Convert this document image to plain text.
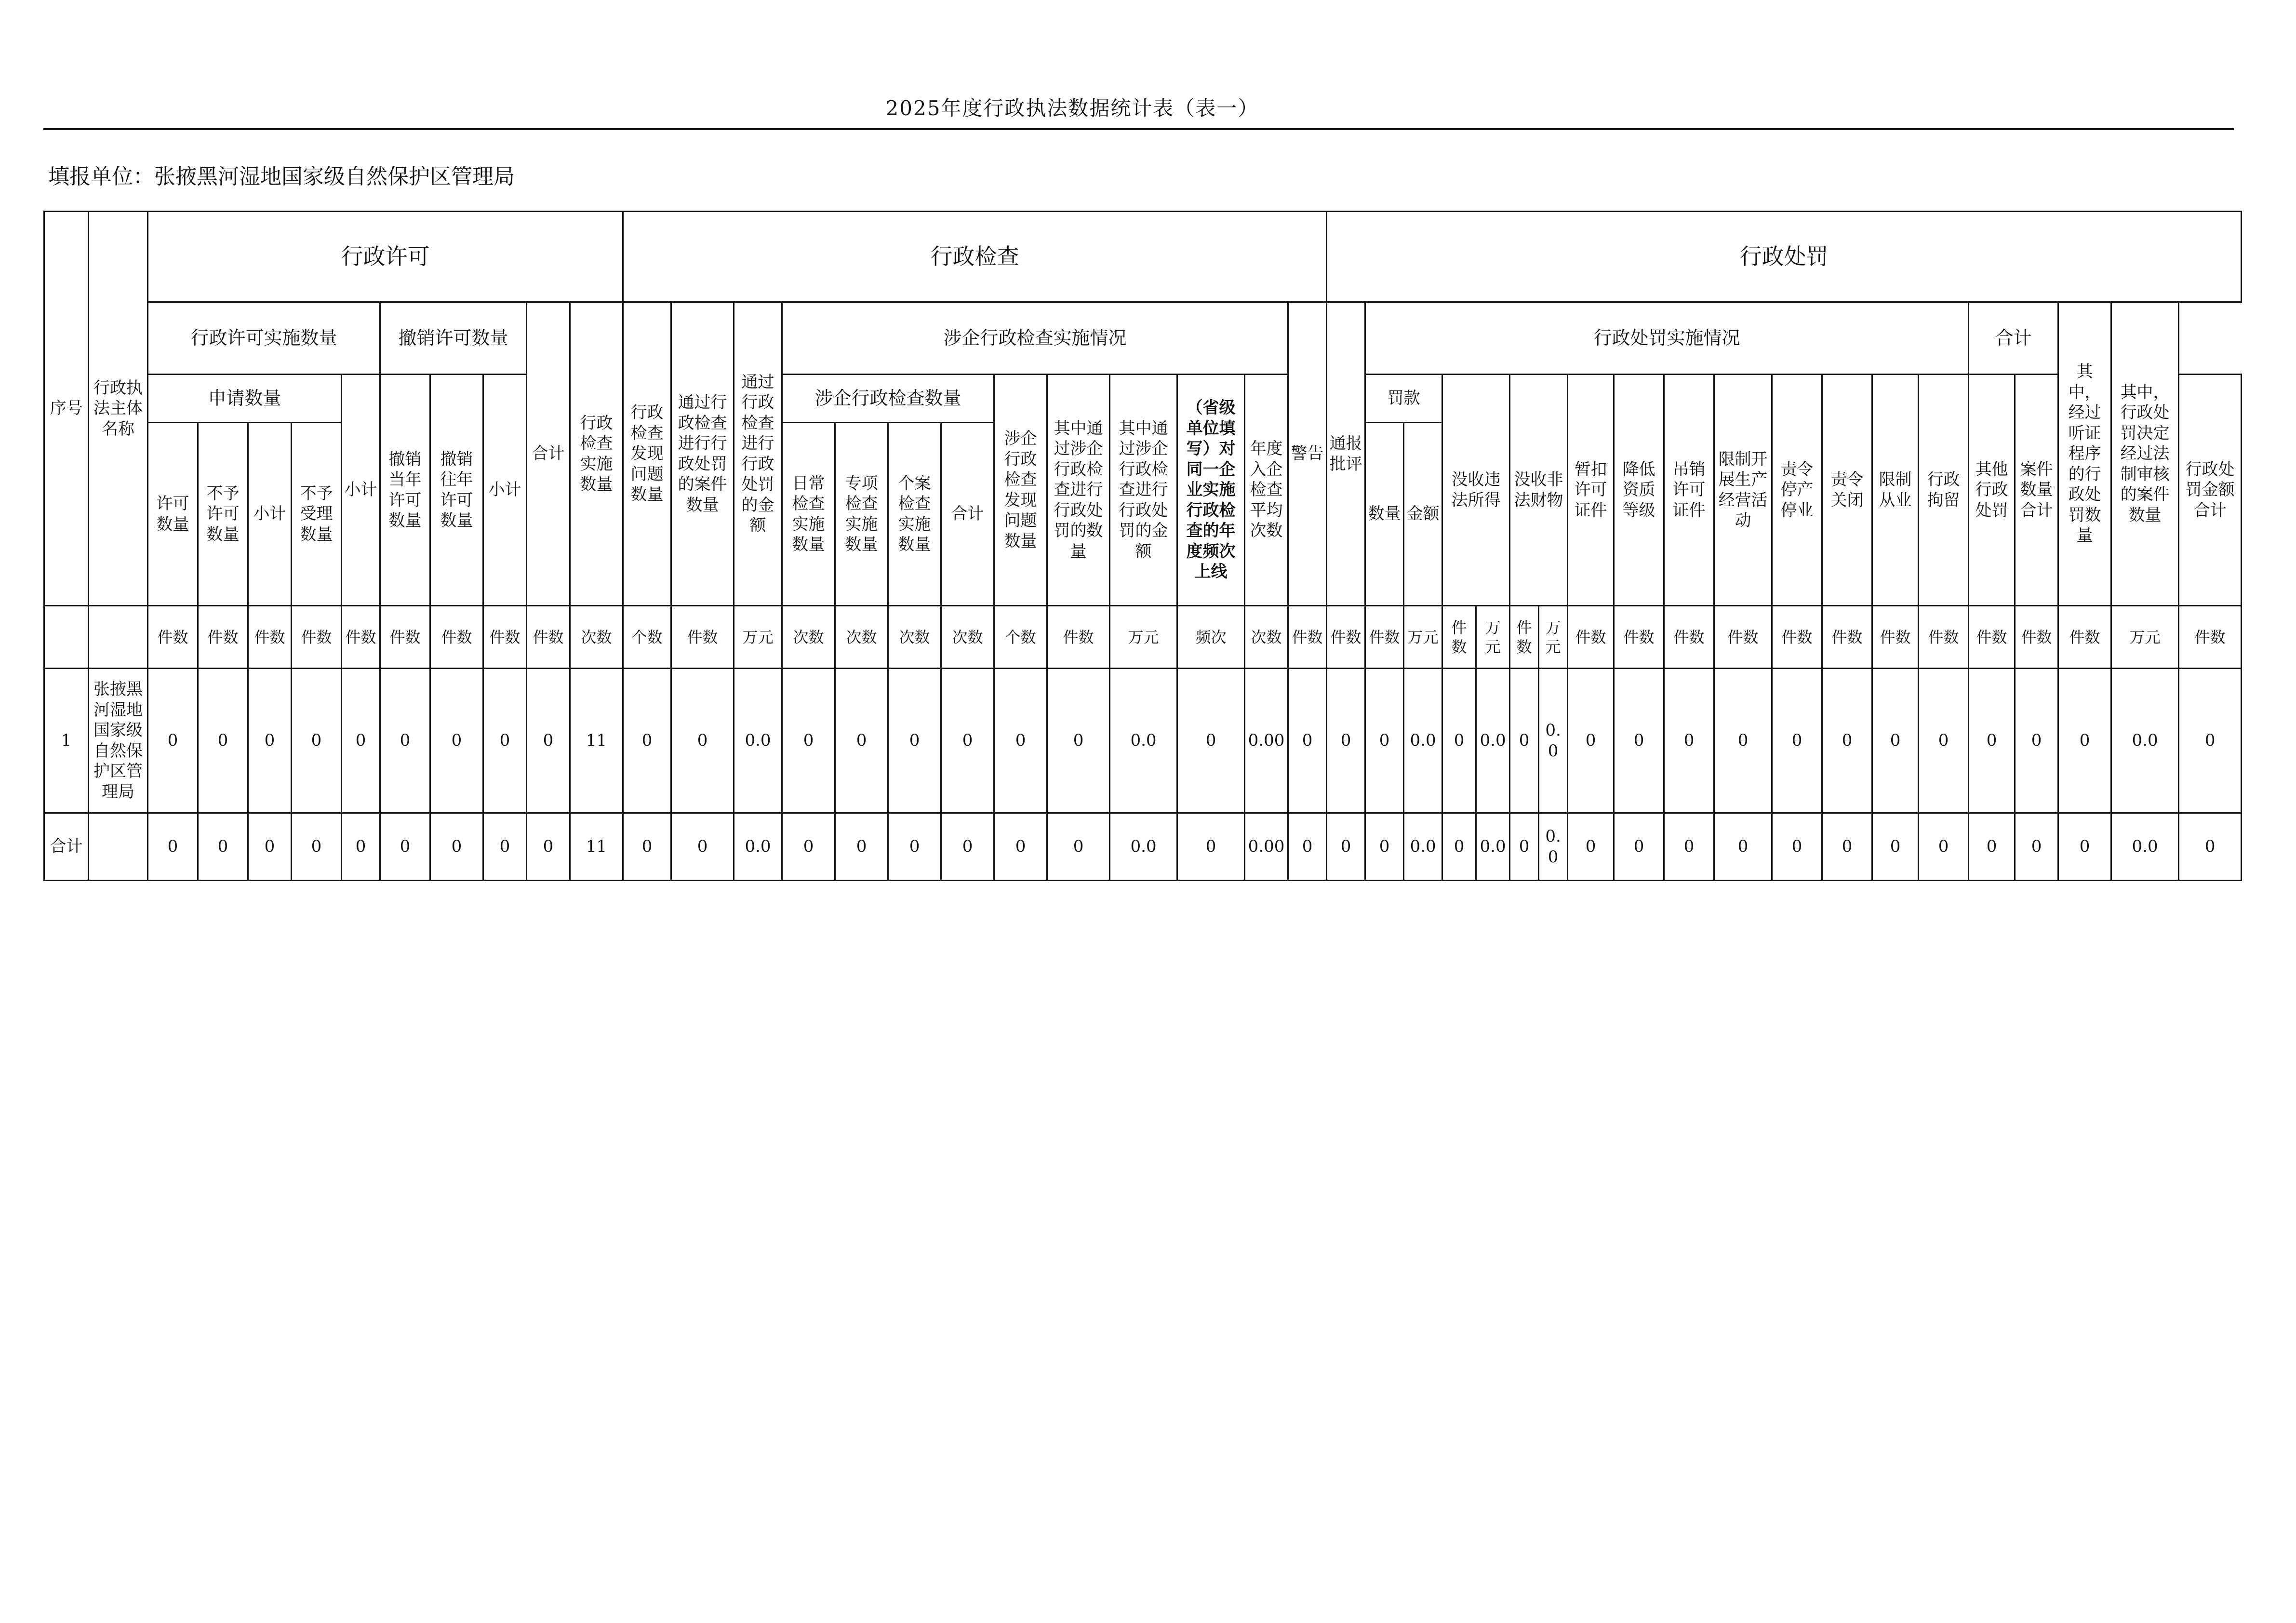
2025年度行政执法数据统计表（表一）
填报单位：张掖黑河湿地国家级自然保护区管理局
序号	行政执法主体名称	行政许可										行政检查													行政处罚																				
		行政许可实施数量					撤销许可数量			合计	行政检查实施数量	行政检查发现问题数量	通过行政检查进行行政处罚的案件数量	通过行政检查进行行政处罚的金额	涉企行政检查实施情况									警告	通报批评	行政处罚实施情况														合计		其中，经过听证程序的行政处罚数量	其中，行政处罚决定经过法制审核的案件数量		
		申请数量				小计	撤销当年许可数量	撤销往年许可数量	小计						涉企行政检查数量				涉企行政检查发现问题数量	其中通过涉企行政检查进行行政处罚的数量	其中通过涉企行政检查进行行政处罚的金额	（省级单位填写）对同一企业实施行政检查的年度频次上线	年度入企检查平均次数			罚款		没收违法所得		没收非法财物		暂扣许可证件	降低资质等级	吊销许可证件	限制开展生产经营活动	责令停产停业	责令关闭	限制从业	行政拘留	其他行政处罚	案件数量合计			行政处罚金额合计	
		许可数量	不予许可数量	小计	不予受理数量										日常检查实施数量	专项检查实施数量	个案检查实施数量	合计								数量	金额																		
		件数	件数	件数	件数	件数	件数	件数	件数	件数	次数	个数	件数	万元	次数	次数	次数	次数	个数	件数	万元	频次	次数	件数	件数	件数	万元	件数	万元	件数	万元	件数	件数	件数	件数	件数	件数	件数	件数	件数	件数	件数	万元	件数	
1	张掖黑河湿地国家级自然保护区管理局	0	0	0	0	0	0	0	0	0	11	0	0	0.0	0	0	0	0	0	0	0.0	0	0.00	0	0	0	0.0	0	0.0	0	0.0	0	0	0	0	0	0	0	0	0	0	0	0.0	0	
合计		0	0	0	0	0	0	0	0	0	11	0	0	0.0	0	0	0	0	0	0	0.0	0	0.00	0	0	0	0.0	0	0.0	0	0.0	0	0	0	0	0	0	0	0	0	0	0	0.0	0	
